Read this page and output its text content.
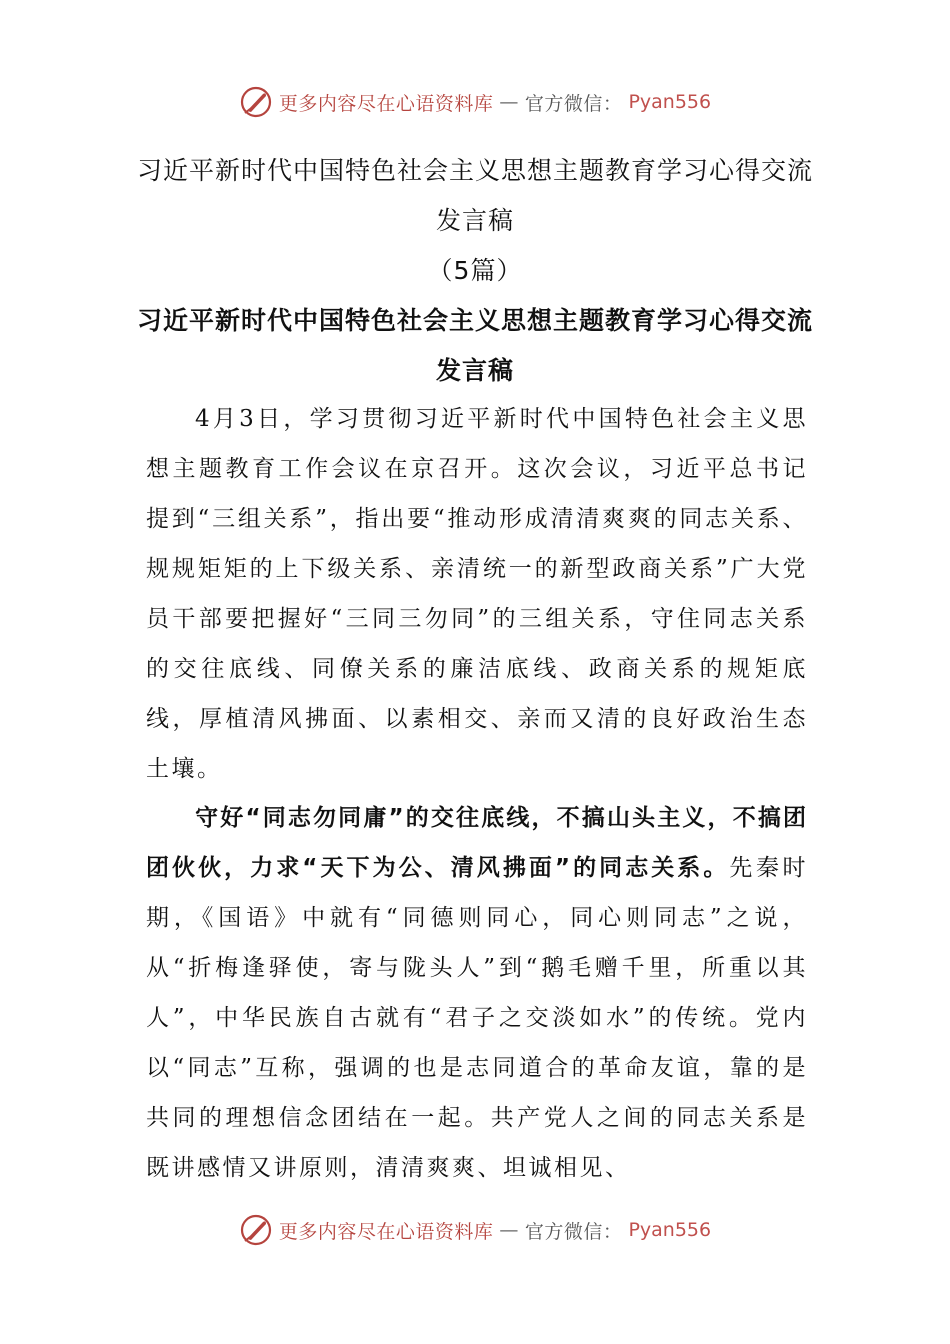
更多内容尽在心语资料库 — 官方微信： Pyan556
习近平新时代中国特色社会主义思想主题教育学习心得交流发言稿
（5篇）
习近平新时代中国特色社会主义思想主题教育学习心得交流发言稿

4月3日，学习贯彻习近平新时代中国特色社会主义思想主题教育工作会议在京召开。这次会议，习近平总书记提到“三组关系”，指出要“推动形成清清爽爽的同志关系、规规矩矩的上下级关系、亲清统一的新型政商关系”广大党员干部要把握好“三同三勿同”的三组关系，守住同志关系的交往底线、同僚关系的廉洁底线、政商关系的规矩底线，厚植清风拂面、以素相交、亲而又清的良好政治生态土壤。

守好“同志勿同庸”的交往底线，不搞山头主义，不搞团团伙伙，力求“天下为公、清风拂面”的同志关系。先秦时期，《国语》中就有“同德则同心，同心则同志”之说，从“折梅逢驿使，寄与陇头人”到“鹅毛赠千里，所重以其人”，中华民族自古就有“君子之交淡如水”的传统。党内以“同志”互称，强调的也是志同道合的革命友谊，靠的是共同的理想信念团结在一起。共产党人之间的同志关系是既讲感情又讲原则，清清爽爽、坦诚相见、

更多内容尽在心语资料库 — 官方微信： Pyan556
